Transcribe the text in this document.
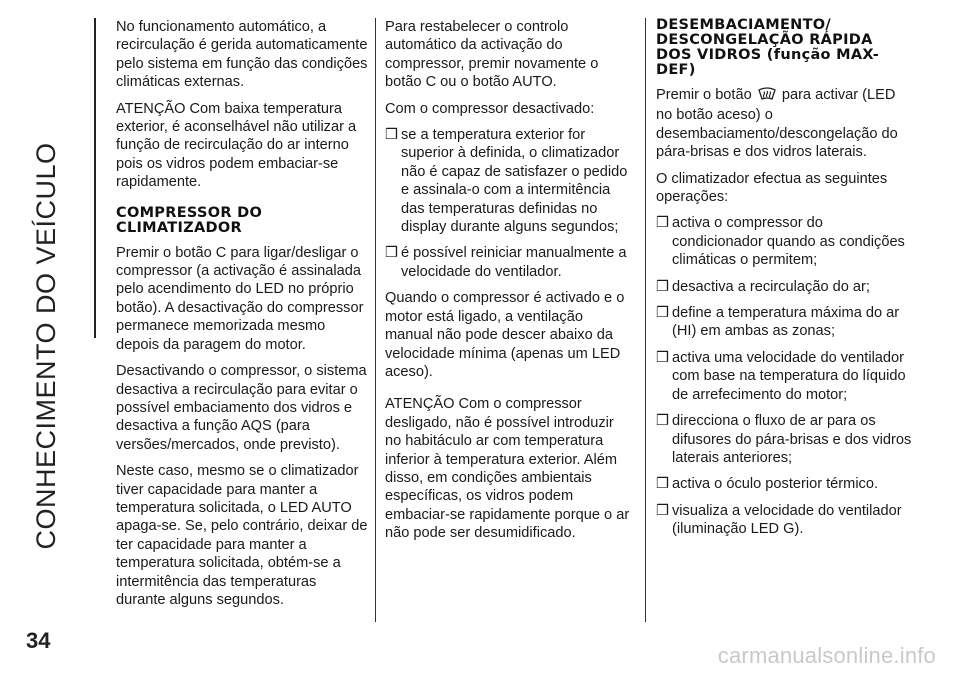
CONHECIMENTO DO VEÍCULO
34

No funcionamento automático, a recirculação é gerida automaticamente pelo sistema em função das condições climáticas externas.

ATENÇÃO Com baixa temperatura exterior, é aconselhável não utilizar a função de recirculação do ar interno pois os vidros podem embaciar-se rapidamente.

COMPRESSOR DO CLIMATIZADOR

Premir o botão C para ligar/desligar o compressor (a activação é assinalada pelo acendimento do LED no próprio botão). A desactivação do compressor permanece memorizada mesmo depois da paragem do motor.

Desactivando o compressor, o sistema desactiva a recirculação para evitar o possível embaciamento dos vidros e desactiva a função AQS (para versões/mercados, onde previsto).

Neste caso, mesmo se o climatizador tiver capacidade para manter a temperatura solicitada, o LED AUTO apaga-se. Se, pelo contrário, deixar de ter capacidade para manter a temperatura solicitada, obtém-se a intermitência das temperaturas durante alguns segundos.

Para restabelecer o controlo automático da activação do compressor, premir novamente o botão C ou o botão AUTO.

Com o compressor desactivado:

❒ se a temperatura exterior for superior à definida, o climatizador não é capaz de satisfazer o pedido e assinala-o com a intermitência das temperaturas definidas no display durante alguns segundos;
❒ é possível reiniciar manualmente a velocidade do ventilador.

Quando o compressor é activado e o motor está ligado, a ventilação manual não pode descer abaixo da velocidade mínima (apenas um LED aceso).

ATENÇÃO Com o compressor desligado, não é possível introduzir no habitáculo ar com temperatura inferior à temperatura exterior. Além disso, em condições ambientais específicas, os vidros podem embaciar-se rapidamente porque o ar não pode ser desumidificado.

DESEMBACIAMENTO/ DESCONGELAÇÃO RÁPIDA DOS VIDROS (função MAX-DEF)

Premir o botão para activar (LED no botão aceso) o desembaciamento/descongelação do pára-brisas e dos vidros laterais.

O climatizador efectua as seguintes operações:

❒ activa o compressor do condicionador quando as condições climáticas o permitem;
❒ desactiva a recirculação do ar;
❒ define a temperatura máxima do ar (HI) em ambas as zonas;
❒ activa uma velocidade do ventilador com base na temperatura do líquido de arrefecimento do motor;
❒ direcciona o fluxo de ar para os difusores do pára-brisas e dos vidros laterais anteriores;
❒ activa o óculo posterior térmico.
❒ visualiza a velocidade do ventilador (iluminação LED G).
carmanualsonline.info
